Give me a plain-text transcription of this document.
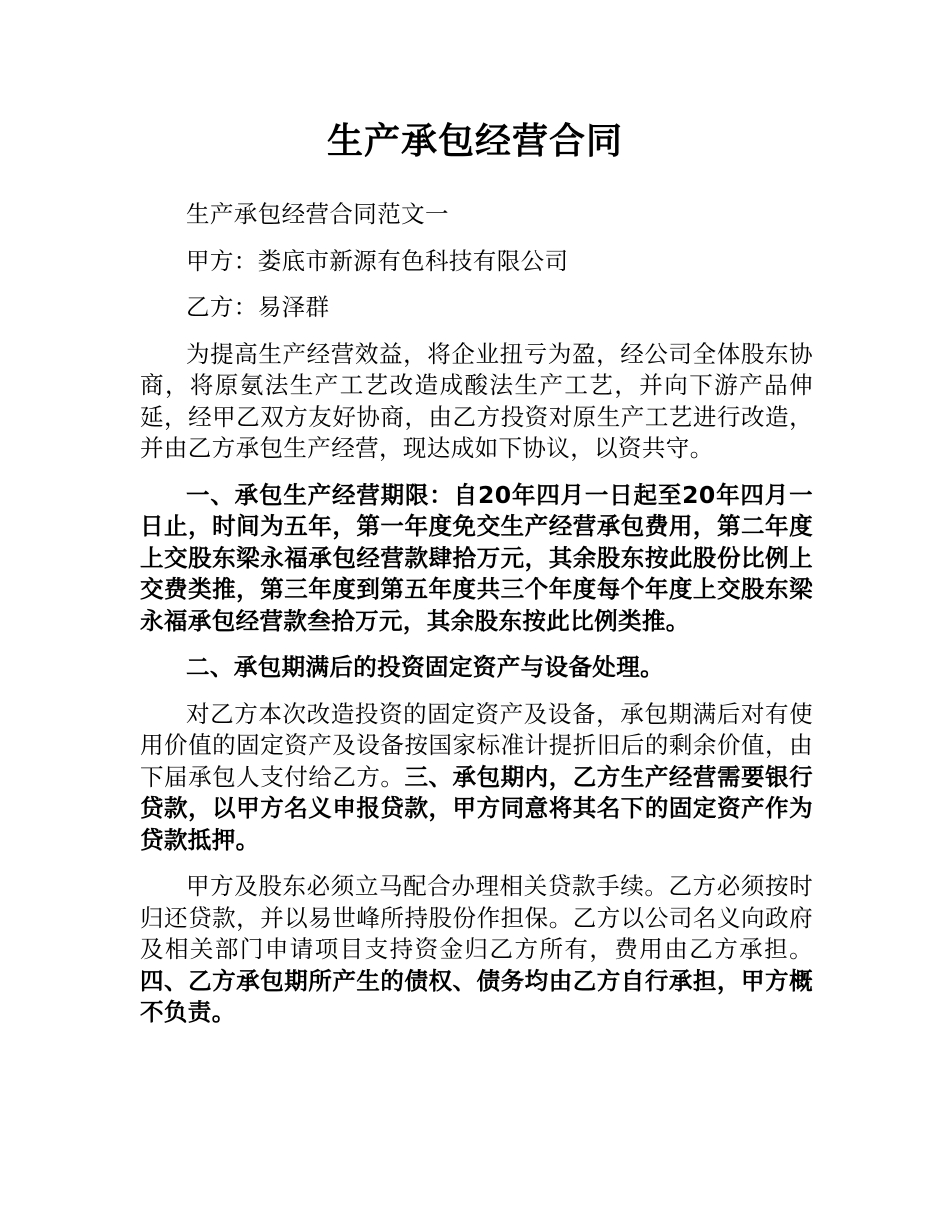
生产承包经营合同

生产承包经营合同范文一

甲方：娄底市新源有色科技有限公司

乙方：易泽群

为提高生产经营效益，将企业扭亏为盈，经公司全体股东协商，将原氨法生产工艺改造成酸法生产工艺，并向下游产品伸延，经甲乙双方友好协商，由乙方投资对原生产工艺进行改造，并由乙方承包生产经营，现达成如下协议，以资共守。

一、承包生产经营期限：自20年四月一日起至20年四月一日止，时间为五年，第一年度免交生产经营承包费用，第二年度上交股东梁永福承包经营款肆拾万元，其余股东按此股份比例上交费类推，第三年度到第五年度共三个年度每个年度上交股东梁永福承包经营款叁拾万元，其余股东按此比例类推。

二、承包期满后的投资固定资产与设备处理。

对乙方本次改造投资的固定资产及设备，承包期满后对有使用价值的固定资产及设备按国家标准计提折旧后的剩余价值，由下届承包人支付给乙方。三、承包期内，乙方生产经营需要银行贷款，以甲方名义申报贷款，甲方同意将其名下的固定资产作为贷款抵押。

甲方及股东必须立马配合办理相关贷款手续。乙方必须按时归还贷款，并以易世峰所持股份作担保。乙方以公司名义向政府及相关部门申请项目支持资金归乙方所有，费用由乙方承担。四、乙方承包期所产生的债权、债务均由乙方自行承担，甲方概不负责。
